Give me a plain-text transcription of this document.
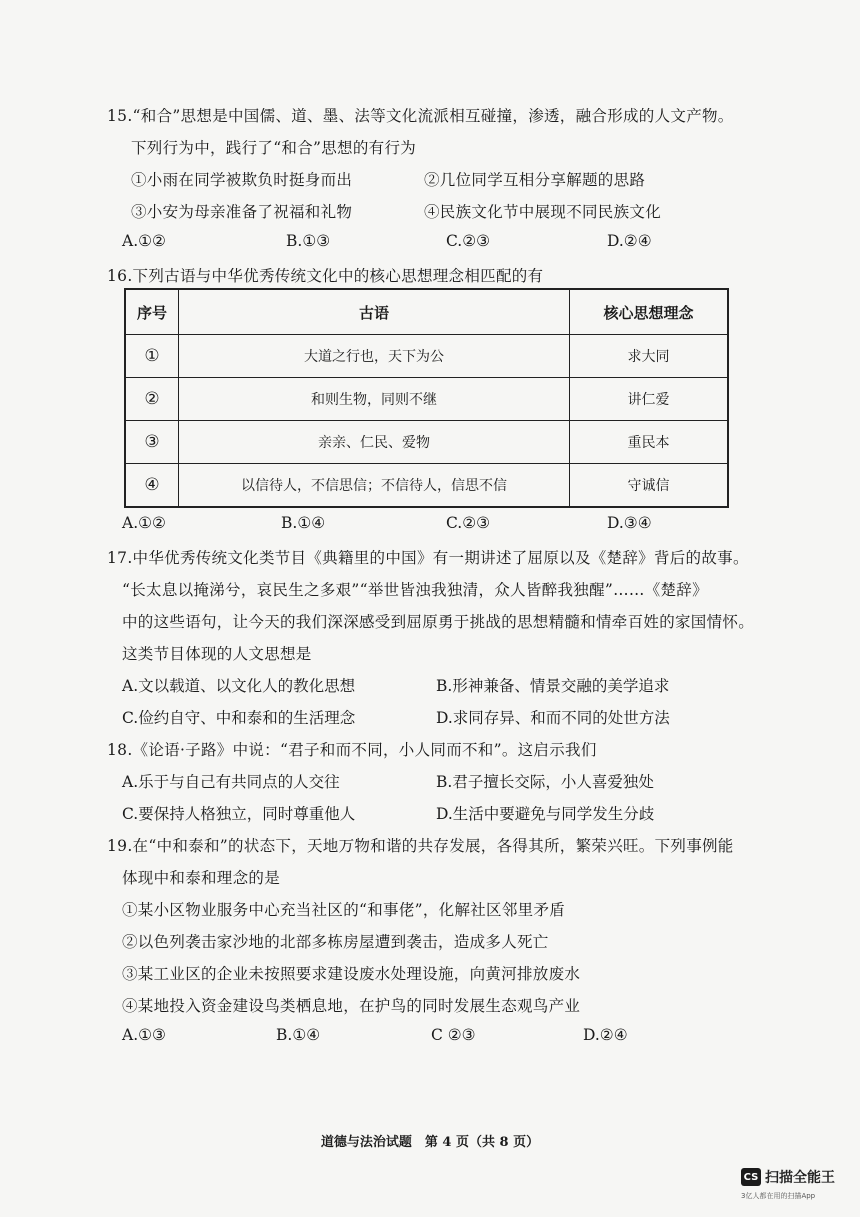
15.“和合”思想是中国儒、道、墨、法等文化流派相互碰撞，渗透，融合形成的人文产物。
下列行为中，践行了“和合”思想的有行为
①小雨在同学被欺负时挺身而出	②几位同学互相分享解题的思路
③小安为母亲准备了祝福和礼物	④民族文化节中展现不同民族文化
A.①②	B.①③	C.②③	D.②④
16.下列古语与中华优秀传统文化中的核心思想理念相匹配的有
序号	古语	核心思想理念
①	大道之行也，天下为公	求大同
②	和则生物，同则不继	讲仁爱
③	亲亲、仁民、爱物	重民本
④	以信待人，不信思信；不信待人，信思不信	守诚信
A.①②	B.①④	C.②③	D.③④
17.中华优秀传统文化类节目《典籍里的中国》有一期讲述了屈原以及《楚辞》背后的故事。
“长太息以掩涕兮，哀民生之多艰”“举世皆浊我独清，众人皆醉我独醒”……《楚辞》
中的这些语句，让今天的我们深深感受到屈原勇于挑战的思想精髓和情牵百姓的家国情怀。
这类节目体现的人文思想是
A.文以载道、以文化人的教化思想	B.形神兼备、情景交融的美学追求
C.俭约自守、中和泰和的生活理念	D.求同存异、和而不同的处世方法
18.《论语·子路》中说：“君子和而不同，小人同而不和”。这启示我们
A.乐于与自己有共同点的人交往	B.君子擅长交际，小人喜爱独处
C.要保持人格独立，同时尊重他人	D.生活中要避免与同学发生分歧
19.在“中和泰和”的状态下，天地万物和谐的共存发展，各得其所，繁荣兴旺。下列事例能
体现中和泰和理念的是
①某小区物业服务中心充当社区的“和事佬”，化解社区邻里矛盾
②以色列袭击家沙地的北部多栋房屋遭到袭击，造成多人死亡
③某工业区的企业未按照要求建设废水处理设施，向黄河排放废水
④某地投入资金建设鸟类栖息地，在护鸟的同时发展生态观鸟产业
A.①③	B.①④	C ②③	D.②④
道德与法治试题　第 4 页（共 8 页）
CS 扫描全能王
3亿人都在用的扫描App
